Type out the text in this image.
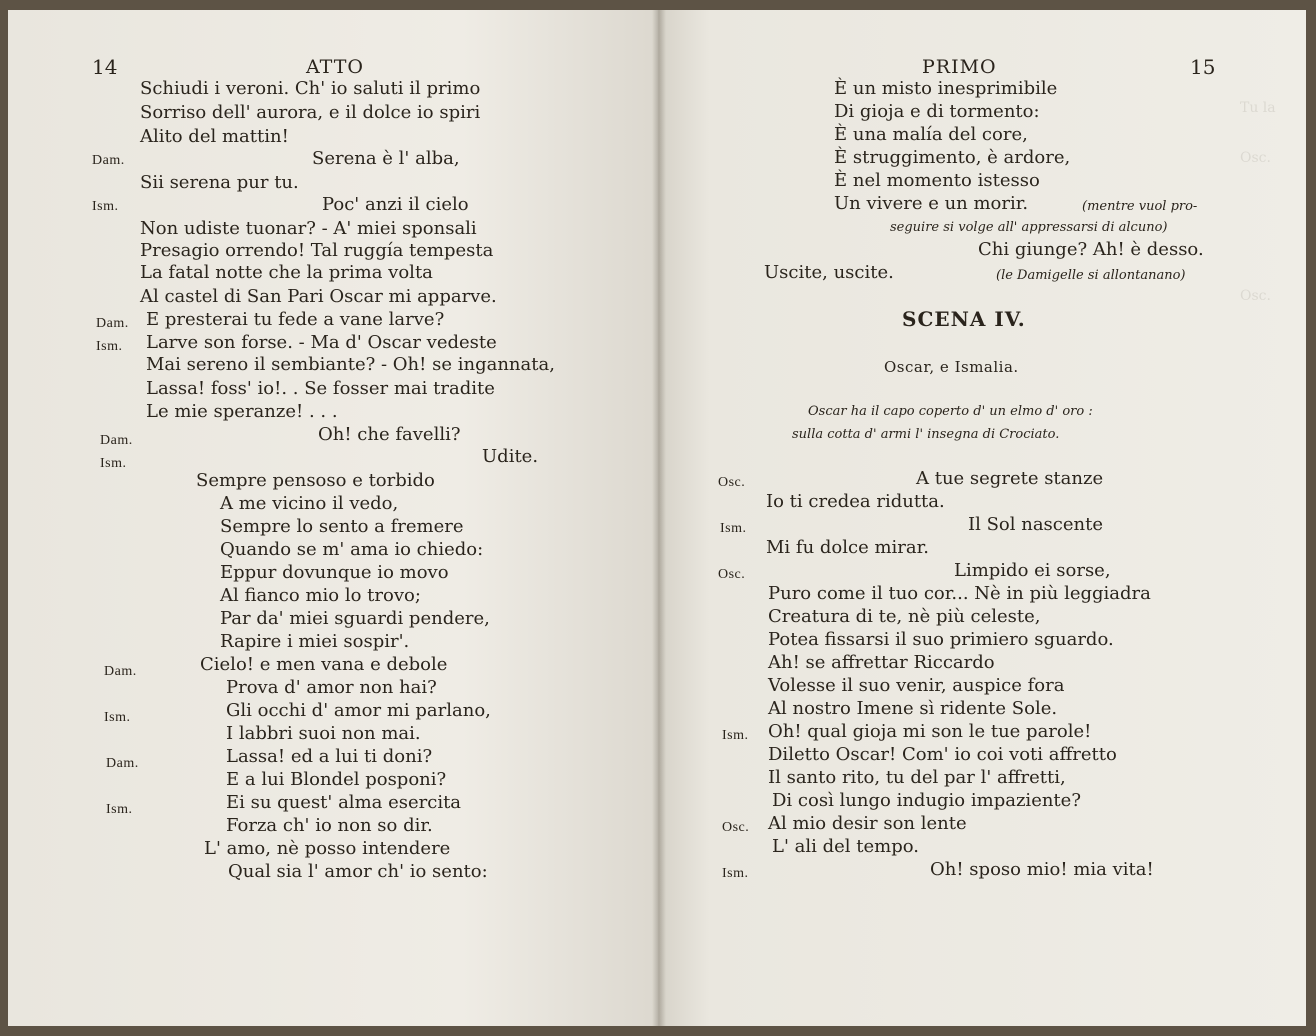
Tu la
Osc.
Osc.
14	ATTO
Schiudi i veroni. Ch' io saluti il primo
Sorriso dell' aurora, e il dolce io spiri
Alito del mattin!
Dam.	Serena è l' alba,
Sii serena pur tu.
Ism.	Poc' anzi il cielo
Non udiste tuonar? - A' miei sponsali
Presagio orrendo! Tal ruggía tempesta
La fatal notte che la prima volta
Al castel di San Pari Oscar mi apparve.
Dam. E presterai tu fede a vane larve?
Ism. Larve son forse. - Ma d' Oscar vedeste
Mai sereno il sembiante? - Oh! se ingannata,
Lassa! foss' io!. . Se fosser mai tradite
Le mie speranze! . . .
Dam.	Oh! che favelli?
Ism.	Udite.
Sempre pensoso e torbido
A me vicino il vedo,
Sempre lo sento a fremere
Quando se m' ama io chiedo:
Eppur dovunque io movo
Al fianco mio lo trovo;
Par da' miei sguardi pendere,
Rapire i miei sospir'.
Dam.	Cielo! e men vana e debole
Prova d' amor non hai?
Ism.	Gli occhi d' amor mi parlano,
I labbri suoi non mai.
Dam.	Lassa! ed a lui ti doni?
E a lui Blondel posponi?
Ism.	Ei su quest' alma esercita
Forza ch' io non so dir.
L' amo, nè posso intendere
Qual sia l' amor ch' io sento:
PRIMO	15
È un misto inesprimibile
Di gioja e di tormento:
È una malía del core,
È struggimento, è ardore,
È nel momento istesso
Un vivere e un morir.	(mentre vuol pro-
seguire si volge all' appressarsi di alcuno)
Chi giunge? Ah! è desso.
Uscite, uscite.	(le Damigelle si allontanano)
SCENA IV.
Oscar, e Ismalia.
Oscar ha il capo coperto d' un elmo d' oro :
sulla cotta d' armi l' insegna di Crociato.
Osc.	A tue segrete stanze
Io ti credea ridutta.
Ism.	Il Sol nascente
Mi fu dolce mirar.
Osc.	Limpido ei sorse,
Puro come il tuo cor... Nè in più leggiadra
Creatura di te, nè più celeste,
Potea fissarsi il suo primiero sguardo.
Ah! se affrettar Riccardo
Volesse il suo venir, auspice fora
Al nostro Imene sì ridente Sole.
Ism. Oh! qual gioja mi son le tue parole!
Diletto Oscar! Com' io coi voti affretto
Il santo rito, tu del par l' affretti,
Di così lungo indugio impaziente?
Osc. Al mio desir son lente
L' ali del tempo.
Ism.	Oh! sposo mio! mia vita!
